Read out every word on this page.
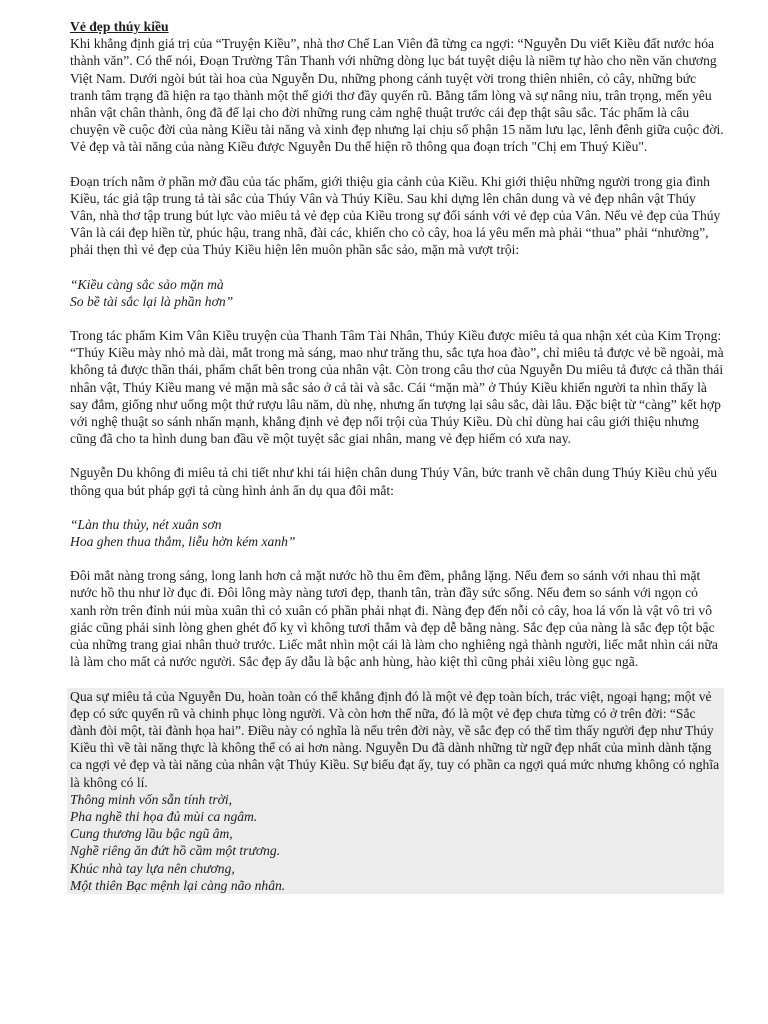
Vẻ đẹp thúy kiều

Khi khẳng định giá trị của “Truyện Kiều”, nhà thơ Chế Lan Viên đã từng ca ngợi: “Nguyễn Du viết Kiều đất nước hóa thành văn”. Có thể nói, Đoạn Trường Tân Thanh với những dòng lục bát tuyệt diệu là niềm tự hào cho nền văn chương Việt Nam. Dưới ngòi bút tài hoa của Nguyễn Du, những phong cảnh tuyệt vời trong thiên nhiên, cỏ cây, những bức tranh tâm trạng đã hiện ra tạo thành một thế giới thơ đầy quyến rũ. Bằng tấm lòng và sự nâng niu, trân trọng, mến yêu nhân vật chân thành, ông đã để lại cho đời những rung cảm nghệ thuật trước cái đẹp thật sâu sắc. Tác phẩm là câu chuyện về cuộc đời của nàng Kiều tài năng và xinh đẹp nhưng lại chịu số phận 15 năm lưu lạc, lênh đênh giữa cuộc đời. Vẻ đẹp và tài năng của nàng Kiều được Nguyễn Du thể hiện rõ thông qua đoạn trích "Chị em Thuý Kiều".

Đoạn trích nằm ở phần mở đầu của tác phẩm, giới thiệu gia cảnh của Kiều. Khi giới thiệu những người trong gia đình Kiều, tác giả tập trung tả tài sắc của Thúy Vân và Thúy Kiều. Sau khi dựng lên chân dung và vẻ đẹp nhân vật Thúy Vân, nhà thơ tập trung bút lực vào miêu tả vẻ đẹp của Kiều trong sự đối sánh với vẻ đẹp của Vân. Nếu vẻ đẹp của Thúy Vân là cái đẹp hiền từ, phúc hậu, trang nhã, đài các, khiến cho cỏ cây, hoa lá yêu mến mà phải “thua” phải “nhường”, phải thẹn thì vẻ đẹp của Thúy Kiều hiện lên muôn phần sắc sảo, mặn mà vượt trội:

“Kiều càng sắc sảo mặn mà
So bề tài sắc lại là phần hơn”

Trong tác phẩm Kim Vân Kiều truyện của Thanh Tâm Tài Nhân, Thúy Kiều được miêu tả qua nhận xét của Kim Trọng: “Thúy Kiều mày nhỏ mà dài, mắt trong mà sáng, mao như trăng thu, sắc tựa hoa đào”, chỉ miêu tả được vẻ bề ngoài, mà không tả được thần thái, phẩm chất bên trong của nhân vật. Còn trong câu thơ của Nguyễn Du miêu tả được cả thần thái nhân vật, Thúy Kiều mang vẻ mặn mà sắc sảo ở cả tài và sắc. Cái “mặn mà” ở Thúy Kiều khiến người ta nhìn thấy là say đắm, giống như uống một thứ rượu lâu năm, dù nhẹ, nhưng ấn tượng lại sâu sắc, dài lâu. Đặc biệt từ “càng” kết hợp với nghệ thuật so sánh nhấn mạnh, khẳng định vẻ đẹp nổi trội của Thúy Kiều. Dù chỉ dùng hai câu giới thiệu nhưng cũng đã cho ta hình dung ban đầu về một tuyệt sắc giai nhân, mang vẻ đẹp hiếm có xưa nay.

Nguyễn Du không đi miêu tả chi tiết như khi tái hiện chân dung Thúy Vân, bức tranh vẽ chân dung Thúy Kiều chủ yếu thông qua bút pháp gợi tả cùng hình ảnh ẩn dụ qua đôi mắt:

“Làn thu thủy, nét xuân sơn
Hoa ghen thua thắm, liễu hờn kém xanh”

Đôi mắt nàng trong sáng, long lanh hơn cả mặt nước hồ thu êm đềm, phẳng lặng. Nếu đem so sánh với nhau thì mặt nước hồ thu như lờ đục đi. Đôi lông mày nàng tươi đẹp, thanh tân, tràn đầy sức sống. Nếu đem so sánh với ngọn cỏ xanh rờn trên đỉnh núi mùa xuân thì cỏ xuân có phần phải nhạt đi. Nàng đẹp đến nỗi cỏ cây, hoa lá vốn là vật vô tri vô giác cũng phải sinh lòng ghen ghét đố kỵ vì không tươi thắm và đẹp dễ bằng nàng. Sắc đẹp của nàng là sắc đẹp tột bậc của những trang giai nhân thuở trước. Liếc mắt nhìn một cái là làm cho nghiêng ngả thành người, liếc mắt nhìn cái nữa là làm cho mất cả nước người. Sắc đẹp ấy dẫu là bậc anh hùng, hào kiệt thì cũng phải xiêu lòng gục ngã.

Qua sự miêu tả của Nguyễn Du, hoàn toàn có thể khẳng định đó là một vẻ đẹp toàn bích, trác việt, ngoại hạng; một vẻ đẹp có sức quyến rũ và chinh phục lòng người. Và còn hơn thế nữa, đó là một vẻ đẹp chưa từng có ở trên đời: “Sắc đành đòi một, tài đành họa hai”. Điều này có nghĩa là nếu trên đời này, về sắc đẹp có thể tìm thấy người đẹp như Thúy Kiều thì về tài năng thực là không thể có ai hơn nàng. Nguyễn Du đã dành những từ ngữ đẹp nhất của mình dành tặng ca ngợi vẻ đẹp và tài năng của nhân vật Thúy Kiều. Sự biểu đạt ấy, tuy có phần ca ngợi quá mức nhưng không có nghĩa là không có lí.

Thông minh vốn sẵn tính trời,
Pha nghề thi họa đủ mùi ca ngâm.
Cung thương lầu bậc ngũ âm,
Nghề riêng ăn đứt hồ cầm một trương.
Khúc nhà tay lựa nên chương,
Một thiên Bạc mệnh lại càng não nhân.
